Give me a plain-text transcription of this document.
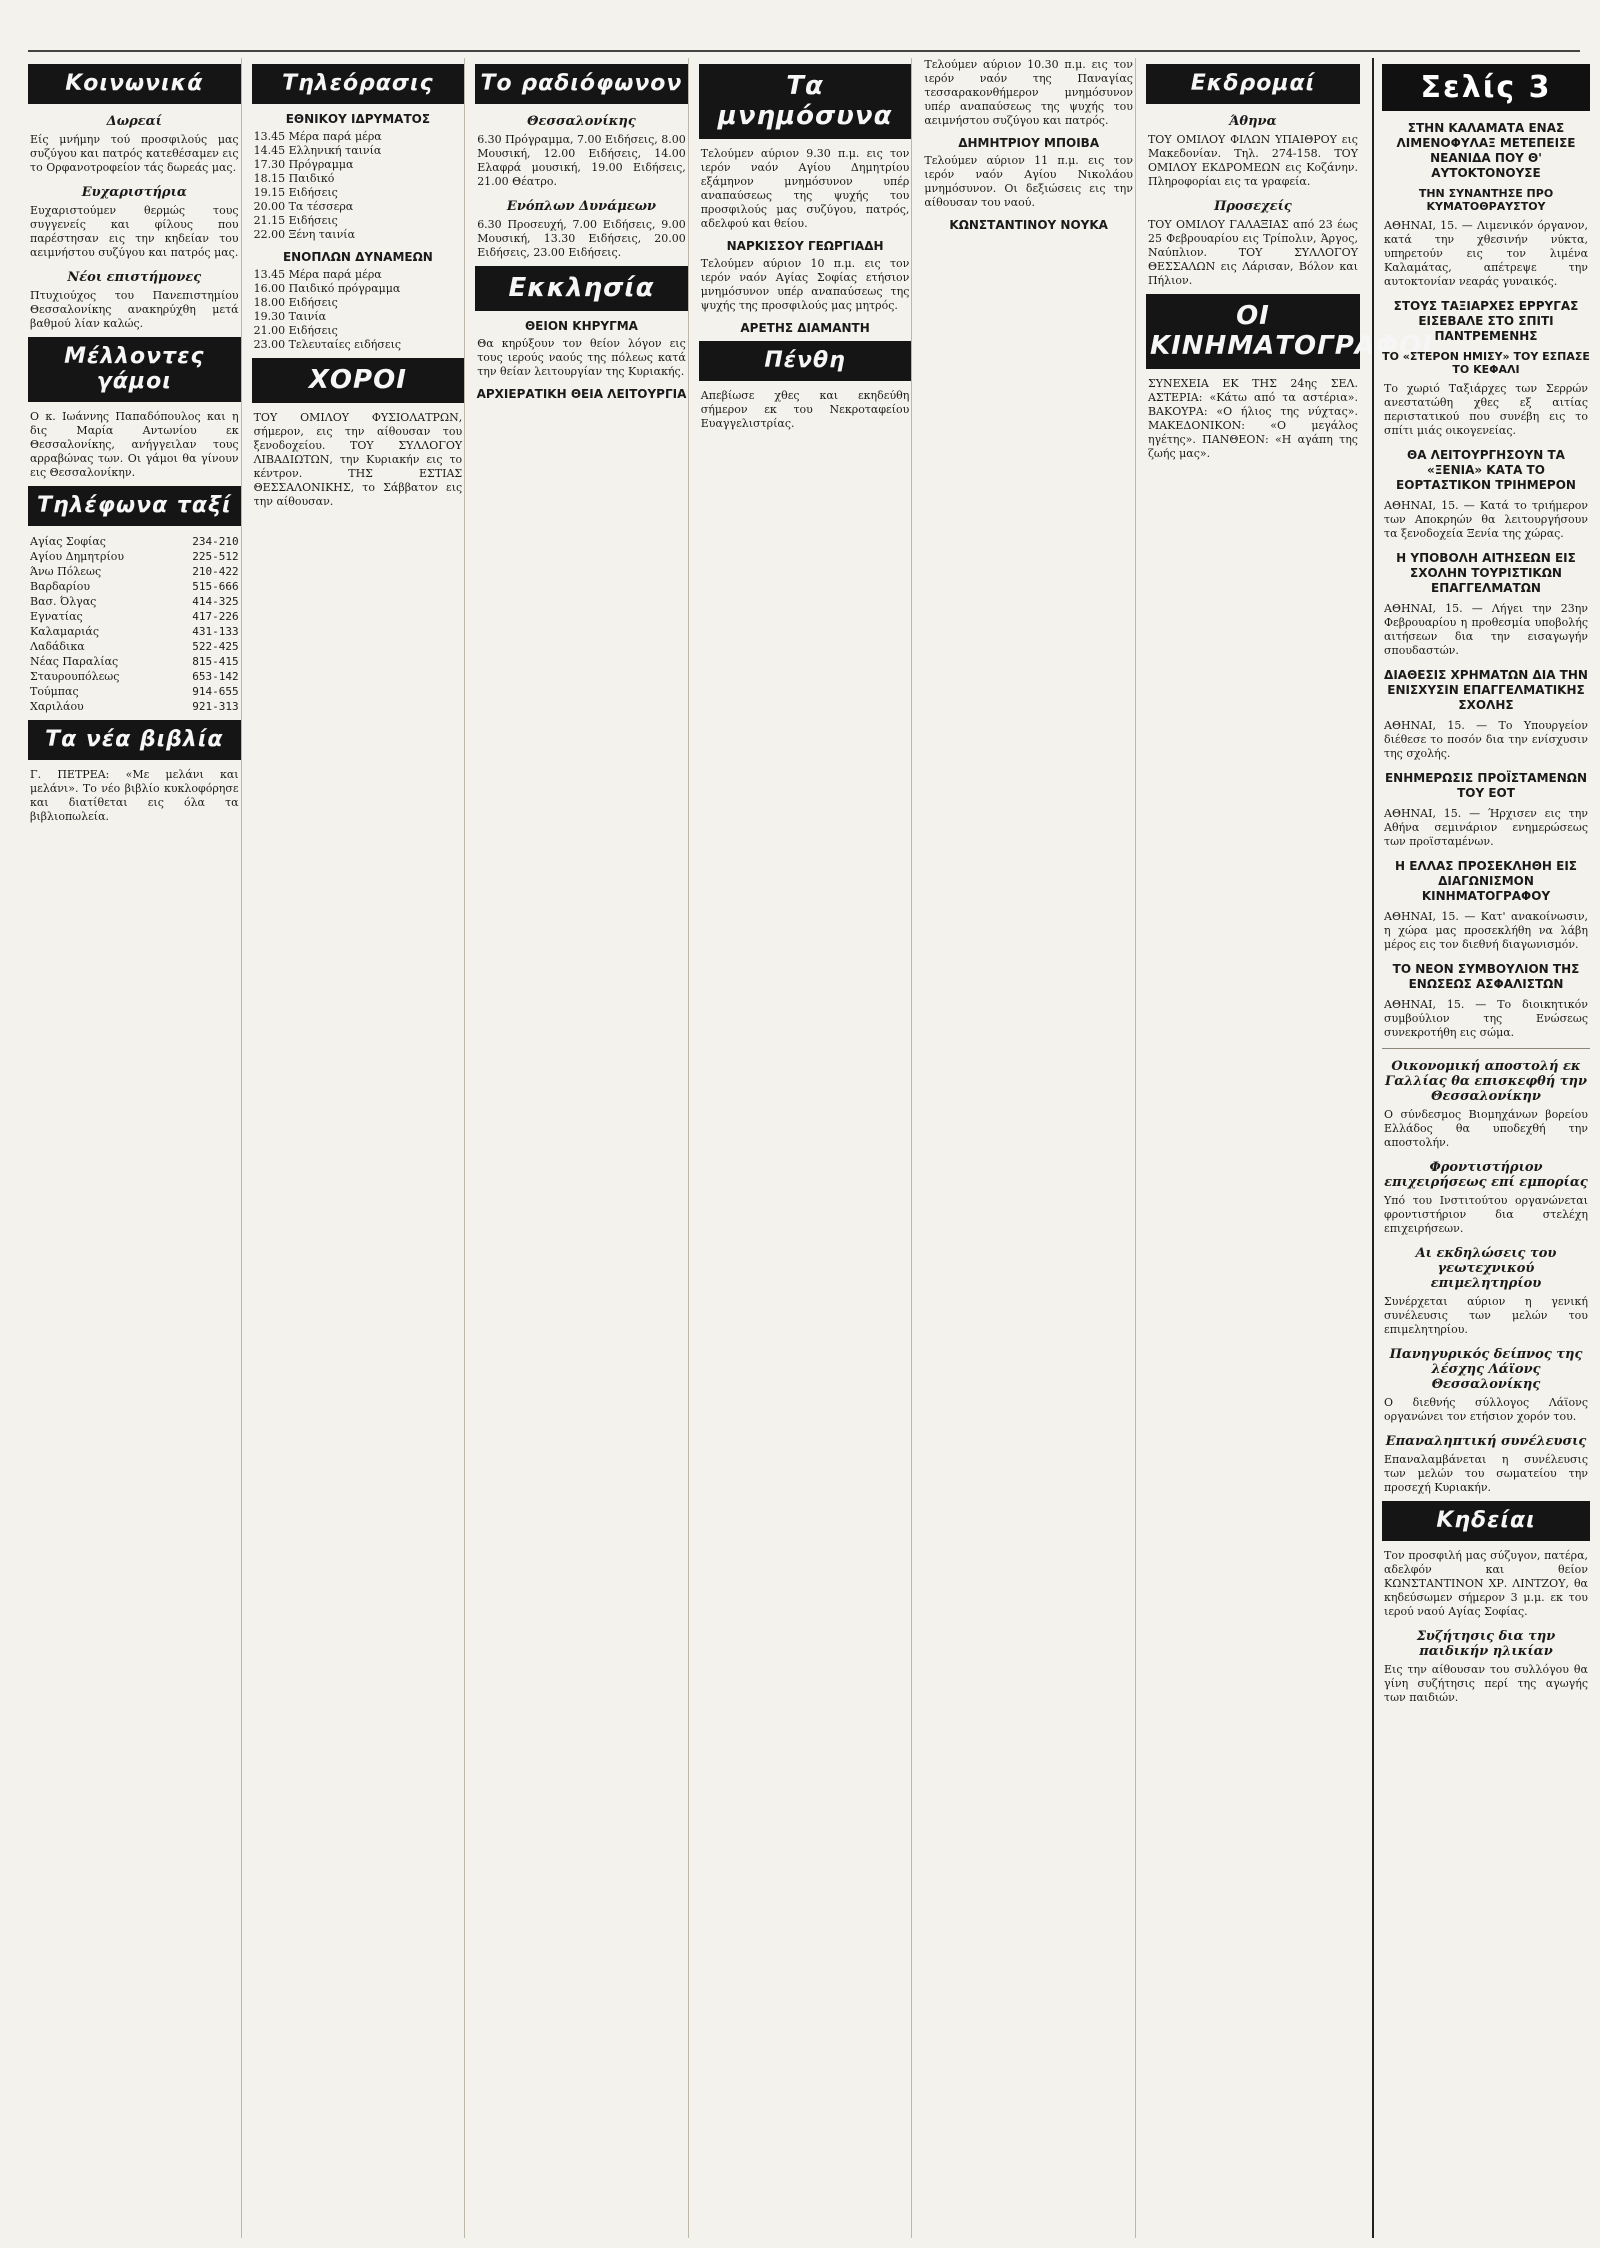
Κοινωνικά
Δωρεαί

Είς μνήμην τού προσφιλούς μας συζύγου και πατρός κατεθέσαμεν εις το Ορφανοτροφείον τάς δωρεάς μας.

Ευχαριστήρια

Ευχαριστούμεν θερμώς τους συγγενείς και φίλους που παρέστησαν εις την κηδείαν του αειμνήστου συζύγου και πατρός μας.

Νέοι επιστήμονες

Πτυχιούχος του Πανεπιστημίου Θεσσαλονίκης ανακηρύχθη μετά βαθμού λίαν καλώς.

Μέλλοντες γάμοι

Ο κ. Ιωάννης Παπαδόπουλος και η δις Μαρία Αντωνίου εκ Θεσσαλονίκης, ανήγγειλαν τους αρραβώνας των. Οι γάμοι θα γίνουν εις Θεσσαλονίκην.

Τηλέφωνα ταξί
Αγίας Σοφίας	234-210
Αγίου Δημητρίου	225-512
Άνω Πόλεως	210-422
Βαρδαρίου	515-666
Βασ. Όλγας	414-325
Εγνατίας	417-226
Καλαμαριάς	431-133
Λαδάδικα	522-425
Νέας Παραλίας	815-415
Σταυρουπόλεως	653-142
Τούμπας	914-655
Χαριλάου	921-313
Τα νέα βιβλία

Γ. ΠΕΤΡΕΑ: «Με μελάνι και μελάνι». Το νέο βιβλίο κυκλοφόρησε και διατίθεται εις όλα τα βιβλιοπωλεία.

Τηλεόρασις
ΕΘΝΙΚΟΥ ΙΔΡΥΜΑΤΟΣ
13.45 Μέρα παρά μέρα
14.45 Ελληνική ταινία
17.30 Πρόγραμμα
18.15 Παιδικό
19.15 Ειδήσεις
20.00 Τα τέσσερα
21.15 Ειδήσεις
22.00 Ξένη ταινία
ΕΝΟΠΛΩΝ ΔΥΝΑΜΕΩΝ
13.45 Μέρα παρά μέρα
16.00 Παιδικό πρόγραμμα
18.00 Ειδήσεις
19.30 Ταινία
21.00 Ειδήσεις
23.00 Τελευταίες ειδήσεις
ΧΟΡΟΙ

ΤΟΥ ΟΜΙΛΟΥ ΦΥΣΙΟΛΑΤΡΩΝ, σήμερον, εις την αίθουσαν του ξενοδοχείου. ΤΟΥ ΣΥΛΛΟΓΟΥ ΛΙΒΑΔΙΩΤΩΝ, την Κυριακήν εις το κέντρον. ΤΗΣ ΕΣΤΙΑΣ ΘΕΣΣΑΛΟΝΙΚΗΣ, το Σάββατον εις την αίθουσαν.

Το ραδιόφωνον
Θεσσαλονίκης

6.30 Πρόγραμμα, 7.00 Ειδήσεις, 8.00 Μουσική, 12.00 Ειδήσεις, 14.00 Ελαφρά μουσική, 19.00 Ειδήσεις, 21.00 Θέατρο.

Ενόπλων Δυνάμεων

6.30 Προσευχή, 7.00 Ειδήσεις, 9.00 Μουσική, 13.30 Ειδήσεις, 20.00 Ειδήσεις, 23.00 Ειδήσεις.

Εκκλησία
ΘΕΙΟΝ ΚΗΡΥΓΜΑ

Θα κηρύξουν τον θείον λόγον εις τους ιερούς ναούς της πόλεως κατά την θείαν λειτουργίαν της Κυριακής.

ΑΡΧΙΕΡΑΤΙΚΗ ΘΕΙΑ ΛΕΙΤΟΥΡΓΙΑ
Τα μνημόσυνα

Τελούμεν αύριον 9.30 π.μ. εις τον ιερόν ναόν Αγίου Δημητρίου εξάμηνον μνημόσυνον υπέρ αναπαύσεως της ψυχής του προσφιλούς μας συζύγου, πατρός, αδελφού και θείου.

ΝΑΡΚΙΣΣΟΥ ΓΕΩΡΓΙΑΔΗ

Τελούμεν αύριον 10 π.μ. εις τον ιερόν ναόν Αγίας Σοφίας ετήσιον μνημόσυνον υπέρ αναπαύσεως της ψυχής της προσφιλούς μας μητρός.

ΑΡΕΤΗΣ ΔΙΑΜΑΝΤΗ
Πένθη

Απεβίωσε χθες και εκηδεύθη σήμερον εκ του Νεκροταφείου Ευαγγελιστρίας.

Τελούμεν αύριον 10.30 π.μ. εις τον ιερόν ναόν της Παναγίας τεσσαρακονθήμερον μνημόσυνον υπέρ αναπαύσεως της ψυχής του αειμνήστου συζύγου και πατρός.

ΔΗΜΗΤΡΙΟΥ ΜΠΟΙΒΑ

Τελούμεν αύριον 11 π.μ. εις τον ιερόν ναόν Αγίου Νικολάου μνημόσυνον. Οι δεξιώσεις εις την αίθουσαν του ναού.

ΚΩΝΣΤΑΝΤΙΝΟΥ ΝΟΥΚΑ
Εκδρομαί
Άθηνα

ΤΟΥ ΟΜΙΛΟΥ ΦΙΛΩΝ ΥΠΑΙΘΡΟΥ εις Μακεδονίαν. Τηλ. 274-158. ΤΟΥ ΟΜΙΛΟΥ ΕΚΔΡΟΜΕΩΝ εις Κοζάνην. Πληροφορίαι εις τα γραφεία.

Προσεχείς

ΤΟΥ ΟΜΙΛΟΥ ΓΑΛΑΞΙΑΣ από 23 έως 25 Φεβρουαρίου εις Τρίπολιν, Άργος, Ναύπλιον. ΤΟΥ ΣΥΛΛΟΓΟΥ ΘΕΣΣΑΛΩΝ εις Λάρισαν, Βόλον και Πήλιον.

ΟΙ ΚΙΝΗΜΑΤΟΓΡΑΦΟΙ

ΣΥΝΕΧΕΙΑ ΕΚ ΤΗΣ 24ης ΣΕΛ. ΑΣΤΕΡΙΑ: «Κάτω από τα αστέρια». ΒΑΚΟΥΡΑ: «Ο ήλιος της νύχτας». ΜΑΚΕΔΟΝΙΚΟΝ: «Ο μεγάλος ηγέτης». ΠΑΝΘΕΟΝ: «Η αγάπη της ζωής μας».

Σελίς 3
ΣΤΗΝ ΚΑΛΑΜΑΤΑ ΕΝΑΣ ΛΙΜΕΝΟΦΥΛΑΞ ΜΕΤΕΠΕΙΣΕ ΝΕΑΝΙΔΑ ΠΟΥ Θ' ΑΥΤΟΚΤΟΝΟΥΣΕ
ΤΗΝ ΣΥΝΑΝΤΗΣΕ ΠΡΟ ΚΥΜΑΤΟΘΡΑΥΣΤΟΥ

ΑΘΗΝΑΙ, 15. — Λιμενικόν όργανον, κατά την χθεσινήν νύκτα, υπηρετούν εις τον λιμένα Καλαμάτας, απέτρεψε την αυτοκτονίαν νεαράς γυναικός.

ΣΤΟΥΣ ΤΑΞΙΑΡΧΕΣ ΕΡΡΥΓΑΣ ΕΙΣΕΒΑΛΕ ΣΤΟ ΣΠΙΤΙ ΠΑΝΤΡΕΜΕΝΗΣ
ΤΟ «ΣΤΕΡΟΝ ΗΜΙΣΥ» ΤΟΥ ΕΣΠΑΣΕ ΤΟ ΚΕΦΑΛΙ

Το χωριό Ταξιάρχες των Σερρών ανεστατώθη χθες εξ αιτίας περιστατικού που συνέβη εις το σπίτι μιάς οικογενείας.

ΘΑ ΛΕΙΤΟΥΡΓΗΣΟΥΝ ΤΑ «ΞΕΝΙΑ» ΚΑΤΑ ΤΟ ΕΟΡΤΑΣΤΙΚΟΝ ΤΡΙΗΜΕΡΟΝ

ΑΘΗΝΑΙ, 15. — Κατά το τριήμερον των Αποκρηών θα λειτουργήσουν τα ξενοδοχεία Ξενία της χώρας.

Η ΥΠΟΒΟΛΗ ΑΙΤΗΣΕΩΝ ΕΙΣ ΣΧΟΛΗΝ ΤΟΥΡΙΣΤΙΚΩΝ ΕΠΑΓΓΕΛΜΑΤΩΝ

ΑΘΗΝΑΙ, 15. — Λήγει την 23ην Φεβρουαρίου η προθεσμία υποβολής αιτήσεων δια την εισαγωγήν σπουδαστών.

ΔΙΑΘΕΣΙΣ ΧΡΗΜΑΤΩΝ ΔΙΑ ΤΗΝ ΕΝΙΣΧΥΣΙΝ ΕΠΑΓΓΕΛΜΑΤΙΚΗΣ ΣΧΟΛΗΣ

ΑΘΗΝΑΙ, 15. — Το Υπουργείον διέθεσε το ποσόν δια την ενίσχυσιν της σχολής.

ΕΝΗΜΕΡΩΣΙΣ ΠΡΟΪΣΤΑΜΕΝΩΝ ΤΟΥ ΕΟΤ

ΑΘΗΝΑΙ, 15. — Ήρχισεν εις την Αθήνα σεμινάριον ενημερώσεως των προϊσταμένων.

Η ΕΛΛΑΣ ΠΡΟΣΕΚΛΗΘΗ ΕΙΣ ΔΙΑΓΩΝΙΣΜΟΝ ΚΙΝΗΜΑΤΟΓΡΑΦΟΥ

ΑΘΗΝΑΙ, 15. — Κατ' ανακοίνωσιν, η χώρα μας προσεκλήθη να λάβη μέρος εις τον διεθνή διαγωνισμόν.

ΤΟ ΝΕΟΝ ΣΥΜΒΟΥΛΙΟΝ ΤΗΣ ΕΝΩΣΕΩΣ ΑΣΦΑΛΙΣΤΩΝ

ΑΘΗΝΑΙ, 15. — Το διοικητικόν συμβούλιον της Ενώσεως συνεκροτήθη εις σώμα.

Οικονομική αποστολή εκ Γαλλίας θα επισκεφθή την Θεσσαλονίκην

Ο σύνδεσμος Βιομηχάνων βορείου Ελλάδος θα υποδεχθή την αποστολήν.

Φροντιστήριον επιχειρήσεως επί εμπορίας

Υπό του Ινστιτούτου οργανώνεται φροντιστήριον δια στελέχη επιχειρήσεων.

Αι εκδηλώσεις του γεωτεχνικού επιμελητηρίου

Συνέρχεται αύριον η γενική συνέλευσις των μελών του επιμελητηρίου.

Πανηγυρικός δείπνος της λέσχης Λάϊονς Θεσσαλονίκης

Ο διεθνής σύλλογος Λάϊονς οργανώνει τον ετήσιον χορόν του.

Επαναληπτική συνέλευσις

Επαναλαμβάνεται η συνέλευσις των μελών του σωματείου την προσεχή Κυριακήν.

Κηδείαι

Τον προσφιλή μας σύζυγον, πατέρα, αδελφόν και θείον ΚΩΝΣΤΑΝΤΙΝΟΝ ΧΡ. ΛΙΝΤΖΟΥ, θα κηδεύσωμεν σήμερον 3 μ.μ. εκ του ιερού ναού Αγίας Σοφίας.

Συζήτησις δια την παιδικήν ηλικίαν

Εις την αίθουσαν του συλλόγου θα γίνη συζήτησις περί της αγωγής των παιδιών.
